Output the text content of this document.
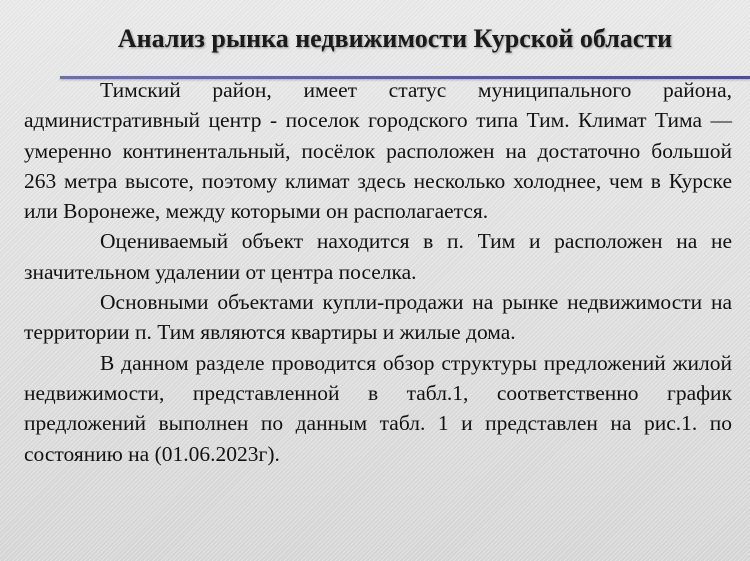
Анализ рынка недвижимости Курской области

Тимский район, имеет статус муниципального района, административный центр - поселок городского типа Тим. Климат Тима — умеренно континентальный, посёлок расположен на достаточно большой 263 метра высоте, поэтому климат здесь несколько холоднее, чем в Курске или Воронеже, между которыми он располагается.

Оцениваемый объект находится в п. Тим и расположен на не значительном удалении от центра поселка.

Основными объектами купли-продажи на рынке недвижимости на территории п. Тим являются квартиры и жилые дома.

В данном разделе проводится обзор структуры предложений жилой недвижимости, представленной в табл.1, соответственно график предложений выполнен по данным табл. 1 и представлен на рис.1. по состоянию на (01.06.2023г).
